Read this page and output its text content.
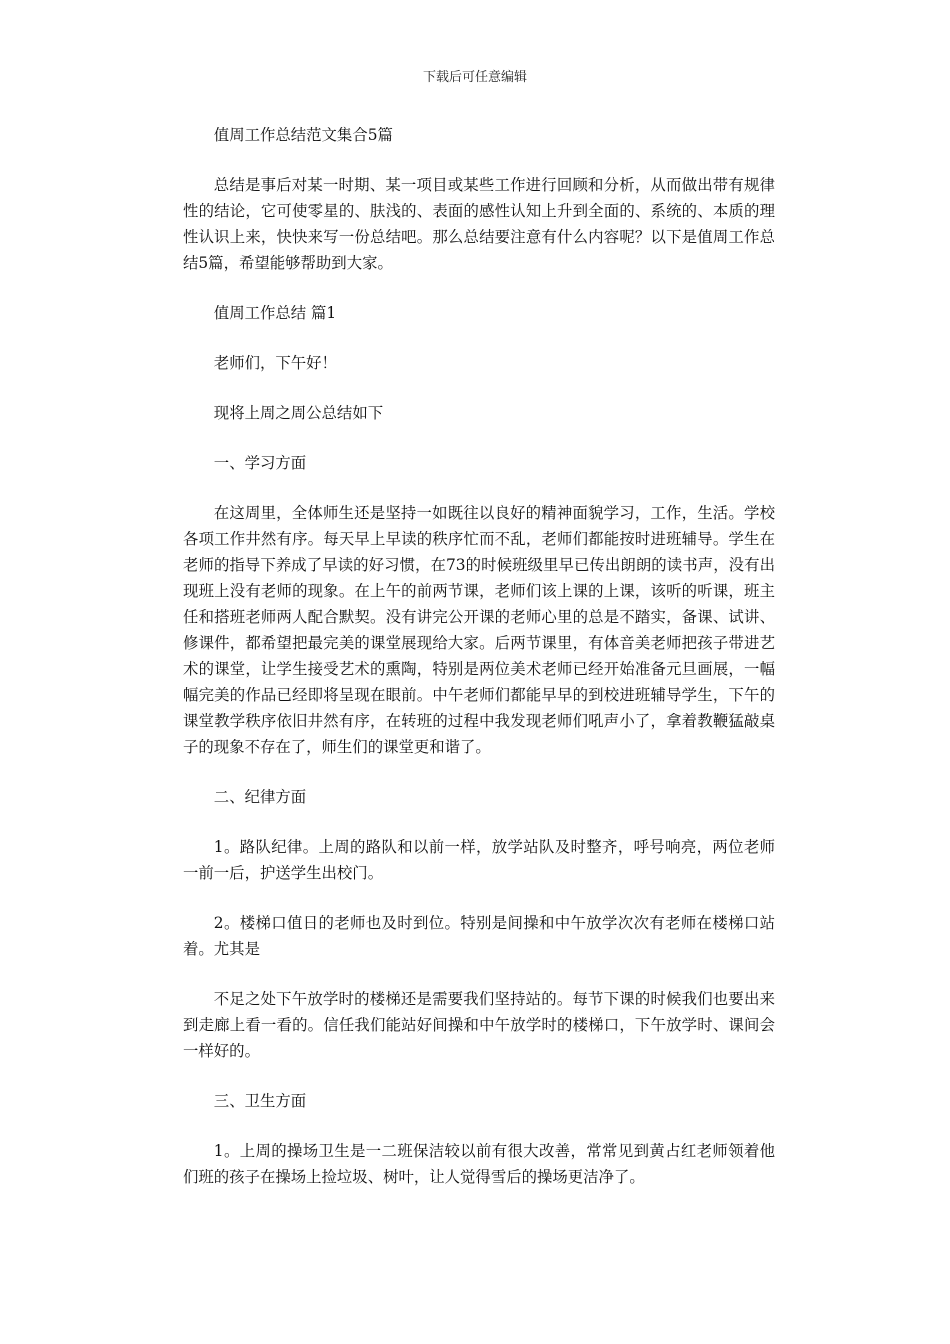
下载后可任意编辑

值周工作总结范文集合5篇

总结是事后对某一时期、某一项目或某些工作进行回顾和分析，从而做出带有规律性的结论，它可使零星的、肤浅的、表面的感性认知上升到全面的、系统的、本质的理性认识上来，快快来写一份总结吧。那么总结要注意有什么内容呢？以下是值周工作总结5篇，希望能够帮助到大家。

值周工作总结 篇1

老师们，下午好！

现将上周之周公总结如下

一、学习方面

在这周里，全体师生还是坚持一如既往以良好的精神面貌学习，工作，生活。学校各项工作井然有序。每天早上早读的秩序忙而不乱，老师们都能按时进班辅导。学生在老师的指导下养成了早读的好习惯，在73的时候班级里早已传出朗朗的读书声，没有出现班上没有老师的现象。在上午的前两节课，老师们该上课的上课，该听的听课，班主任和搭班老师两人配合默契。没有讲完公开课的老师心里的总是不踏实，备课、试讲、修课件，都希望把最完美的课堂展现给大家。后两节课里，有体音美老师把孩子带进艺术的课堂，让学生接受艺术的熏陶，特别是两位美术老师已经开始准备元旦画展，一幅幅完美的作品已经即将呈现在眼前。中午老师们都能早早的到校进班辅导学生，下午的课堂教学秩序依旧井然有序，在转班的过程中我发现老师们吼声小了，拿着教鞭猛敲桌子的现象不存在了，师生们的课堂更和谐了。

二、纪律方面

1。路队纪律。上周的路队和以前一样，放学站队及时整齐，呼号响亮，两位老师一前一后，护送学生出校门。

2。楼梯口值日的老师也及时到位。特别是间操和中午放学次次有老师在楼梯口站着。尤其是

不足之处下午放学时的楼梯还是需要我们坚持站的。每节下课的时候我们也要出来到走廊上看一看的。信任我们能站好间操和中午放学时的楼梯口，下午放学时、课间会一样好的。

三、卫生方面

1。上周的操场卫生是一二班保洁较以前有很大改善，常常见到黄占红老师领着他们班的孩子在操场上捡垃圾、树叶，让人觉得雪后的操场更洁净了。
